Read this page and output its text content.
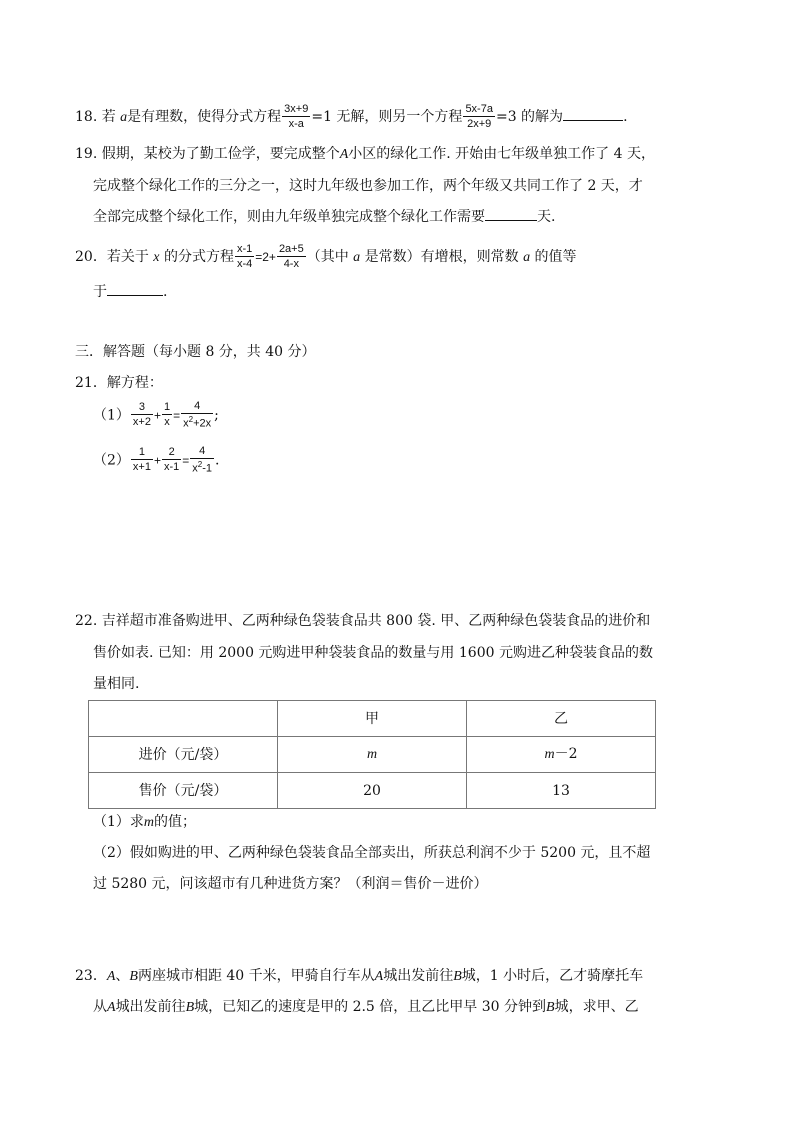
18. 若 a是有理数，使得分式方程 $\frac{3x+9}{x-a} =1$ 无解，则另一个方程 $\frac{5x-7a}{2x+9} =3$ 的解为	.
19. 假期，某校为了勤工俭学，要完成整个A小区的绿化工作. 开始由七年级单独工作了 4 天，
完成整个绿化工作的三分之一，这时九年级也参加工作，两个年级又共同工作了 2 天，才
全部完成整个绿化工作，则由九年级单独完成整个绿化工作需要	天.
20．若关于 x 的分式方程 $\frac{x-1}{x-4} =2+ \frac{2a+5}{4-x}$ （其中 a 是常数）有增根，则常数 a 的值等
于	.
三．解答题（每小题 8 分，共 40 分）
21．解方程：
$(1) \frac{3}{x+2} + \frac{1}{x} = \frac{4}{x^2+2x}$ ;
$(2) \frac{1}{x+1} + \frac{2}{x-1} = \frac{4}{x^2-1}$ .
22. 吉祥超市准备购进甲、乙两种绿色袋装食品共 800 袋. 甲、乙两种绿色袋装食品的进价和
售价如表. 已知：用 2000 元购进甲种袋装食品的数量与用 1600 元购进乙种袋装食品的数
量相同.
	甲	乙
进价（元/袋）	m	m－2
售价（元/袋）	20	13
（1）求m的值；
（2）假如购进的甲、乙两种绿色袋装食品全部卖出，所获总利润不少于 5200 元，且不超
过 5280 元，问该超市有几种进货方案？（利润＝售价－进价）
23．A、B两座城市相距 40 千米，甲骑自行车从A城出发前往B城，1 小时后，乙才骑摩托车
从A城出发前往B城，已知乙的速度是甲的 2.5 倍，且乙比甲早 30 分钟到B城，求甲、乙
